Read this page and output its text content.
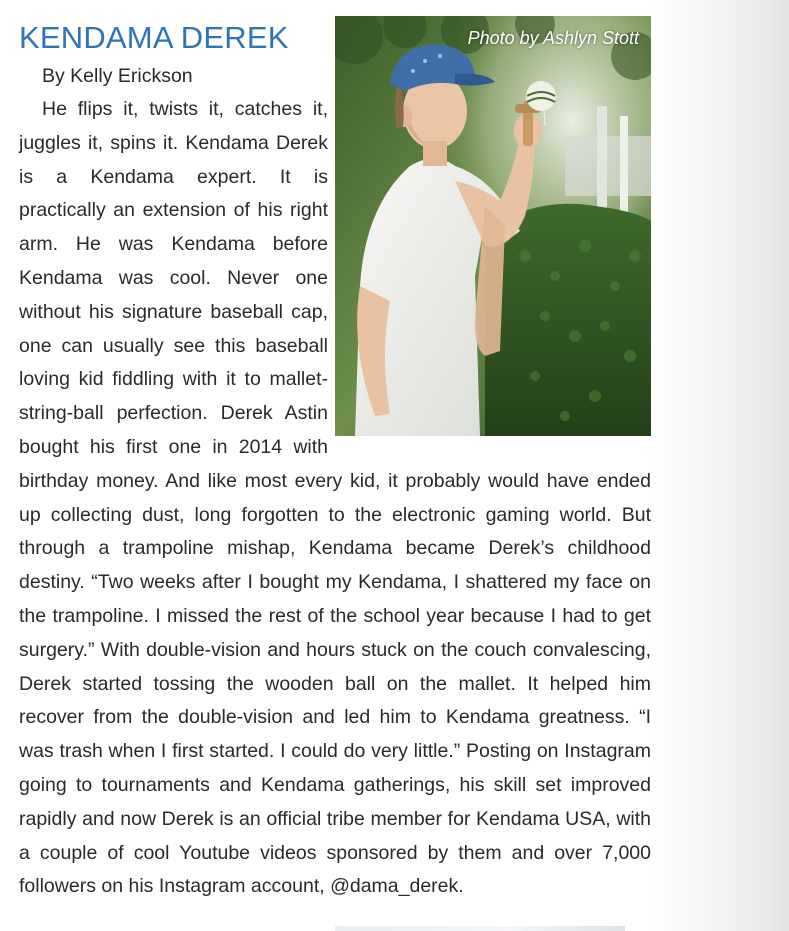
KENDAMA DEREK
By Kelly Erickson
Photo by Ashlyn Stott

He flips it, twists it, catches it, juggles it, spins it. Kendama Derek is a Kendama expert. It is practically an extension of his right arm. He was Kendama before Kendama was cool. Never one without his signature baseball cap, one can usually see this baseball loving kid fiddling with it to mallet-string-ball perfection. Derek Astin bought his first one in 2014 with birthday money. And like most every kid, it probably would have ended up collecting dust, long forgotten to the electronic gaming world. But through a trampoline mishap, Kendama became Derek’s childhood destiny. “Two weeks after I bought my Kendama, I shattered my face on the trampoline. I missed the rest of the school year because I had to get surgery.” With double-vision and hours stuck on the couch convalescing, Derek started tossing the wooden ball on the mallet. It helped him recover from the double-vision and led him to Kendama greatness. “I was trash when I first started. I could do very little.” Posting on Instagram going to tournaments and Kendama gatherings, his skill set improved rapidly and now Derek is an official tribe member for Kendama USA, with a couple of cool Youtube videos sponsored by them and over 7,000 followers on his Instagram account, @dama_derek.
